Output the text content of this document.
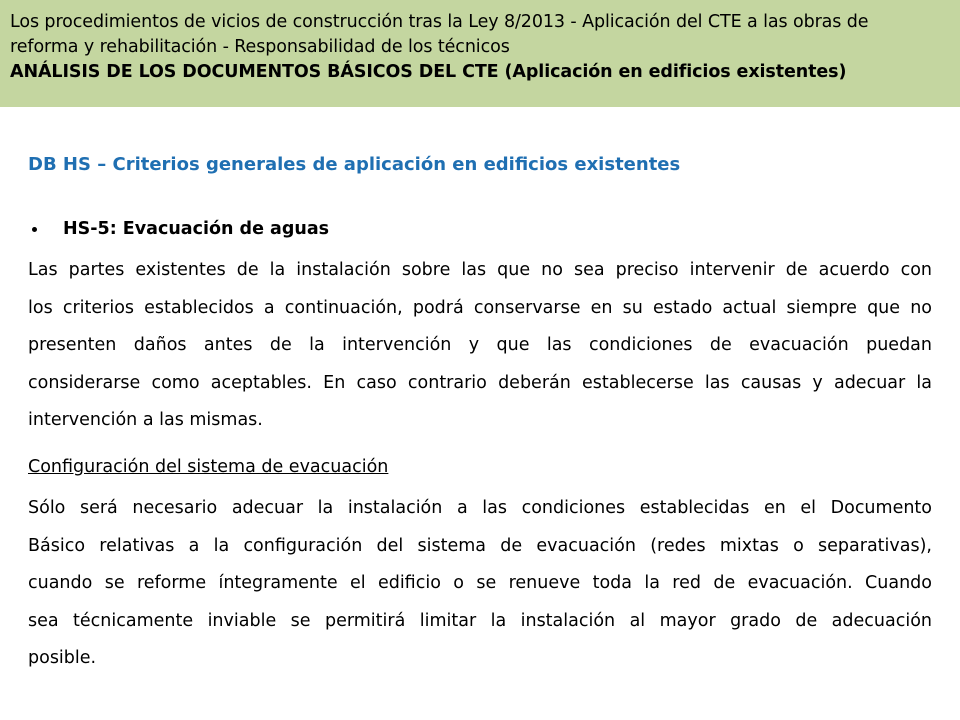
Los procedimientos de vicios de construcción tras la Ley 8/2013 - Aplicación del CTE a las obras de
reforma y rehabilitación - Responsabilidad de los técnicos
ANÁLISIS DE LOS DOCUMENTOS BÁSICOS DEL CTE (Aplicación en edificios existentes)
DB HS – Criterios generales de aplicación en edificios existentes
HS-5: Evacuación de aguas
Las partes existentes de la instalación sobre las que no sea preciso intervenir de acuerdo con
los criterios establecidos a continuación, podrá conservarse en su estado actual siempre que no
presenten daños antes de la intervención y que las condiciones de evacuación puedan
considerarse como aceptables. En caso contrario deberán establecerse las causas y adecuar la
intervención a las mismas.
Configuración del sistema de evacuación
Sólo será necesario adecuar la instalación a las condiciones establecidas en el Documento
Básico relativas a la configuración del sistema de evacuación (redes mixtas o separativas),
cuando se reforme íntegramente el edificio o se renueve toda la red de evacuación. Cuando
sea técnicamente inviable se permitirá limitar la instalación al mayor grado de adecuación
posible.
